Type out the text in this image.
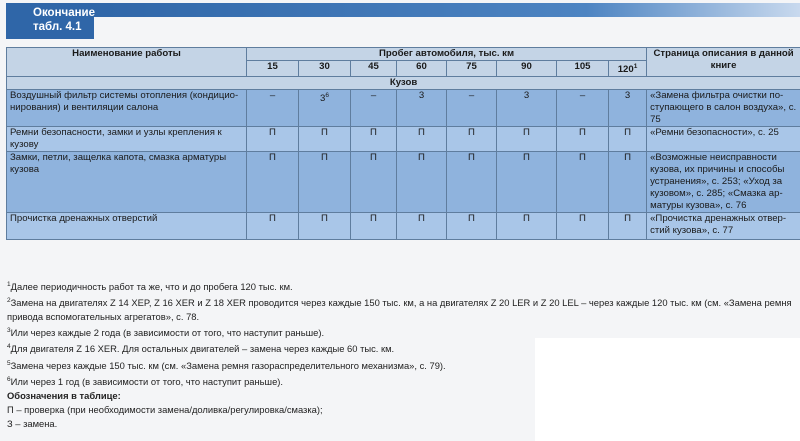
Окончание
табл. 4.1
Наименование работы	Пробег автомобиля, тыс. км								Страница описания в данной книге
	15	30	45	60	75	90	105	$120^1$
Кузов									
Воздушный фильтр системы отопления (кондицио- нирования) и вентиляции салона	–	$3^6$	–	3	–	3	–	3	«Замена фильтра очистки по- ступающего в салон воздуха», с. 75
Ремни безопасности, замки и узлы крепления к кузову	П	П	П	П	П	П	П	П	«Ремни безопасности», с. 25
Замки, петли, защелка капота, смазка арматуры кузова	П	П	П	П	П	П	П	П	«Возможные неисправности кузова, их причины и способы устранения», с. 253; «Уход за кузовом», с. 285; «Смазка ар- матуры кузова», с. 76
Прочистка дренажных отверстий	П	П	П	П	П	П	П	П	«Прочистка дренажных отвер- стий кузова», с. 77

$^1$Далее периодичность работ та же, что и до пробега 120 тыс. км.

$^2$Замена на двигателях Z 14 XEP, Z 16 XER и Z 18 XER проводится через каждые 150 тыс. км, а на двигателях Z 20 LER и Z 20 LEL – через каждые 120 тыс. км (см. «Замена ремня привода вспомогательных агрегатов», с. 78.

$^3$Или через каждые 2 года (в зависимости от того, что наступит раньше).

$^4$Для двигателя Z 16 XER. Для остальных двигателей – замена через каждые 60 тыс. км.

$^5$Замена через каждые 150 тыс. км (см. «Замена ремня газораспределительного механизма», с. 79).

$^6$Или через 1 год (в зависимости от того, что наступит раньше).

Обозначения в таблице:

П – проверка (при необходимости замена/доливка/регулировка/смазка);

З – замена.
